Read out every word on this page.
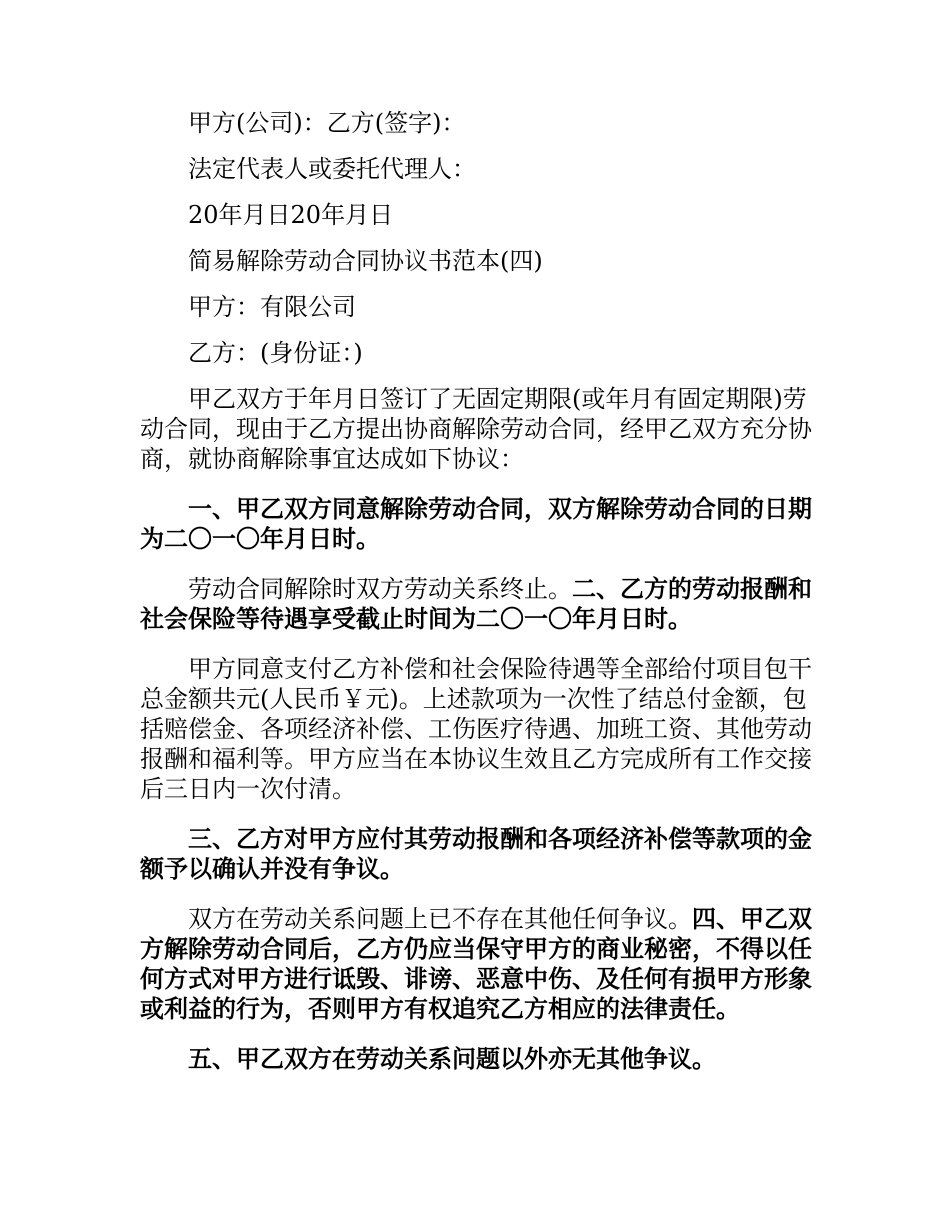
甲方(公司)：乙方(签字)：

法定代表人或委托代理人：

20年月日20年月日

简易解除劳动合同协议书范本(四)

甲方：有限公司

乙方：(身份证：)

甲乙双方于年月日签订了无固定期限(或年月有固定期限)劳动合同，现由于乙方提出协商解除劳动合同，经甲乙双方充分协商，就协商解除事宜达成如下协议：

一、甲乙双方同意解除劳动合同，双方解除劳动合同的日期为二〇一〇年月日时。

劳动合同解除时双方劳动关系终止。二、乙方的劳动报酬和社会保险等待遇享受截止时间为二〇一〇年月日时。

甲方同意支付乙方补偿和社会保险待遇等全部给付项目包干总金额共元(人民币￥元)。上述款项为一次性了结总付金额，包括赔偿金、各项经济补偿、工伤医疗待遇、加班工资、其他劳动报酬和福利等。甲方应当在本协议生效且乙方完成所有工作交接后三日内一次付清。

三、乙方对甲方应付其劳动报酬和各项经济补偿等款项的金额予以确认并没有争议。

双方在劳动关系问题上已不存在其他任何争议。四、甲乙双方解除劳动合同后，乙方仍应当保守甲方的商业秘密，不得以任何方式对甲方进行诋毁、诽谤、恶意中伤、及任何有损甲方形象或利益的行为，否则甲方有权追究乙方相应的法律责任。

五、甲乙双方在劳动关系问题以外亦无其他争议。
